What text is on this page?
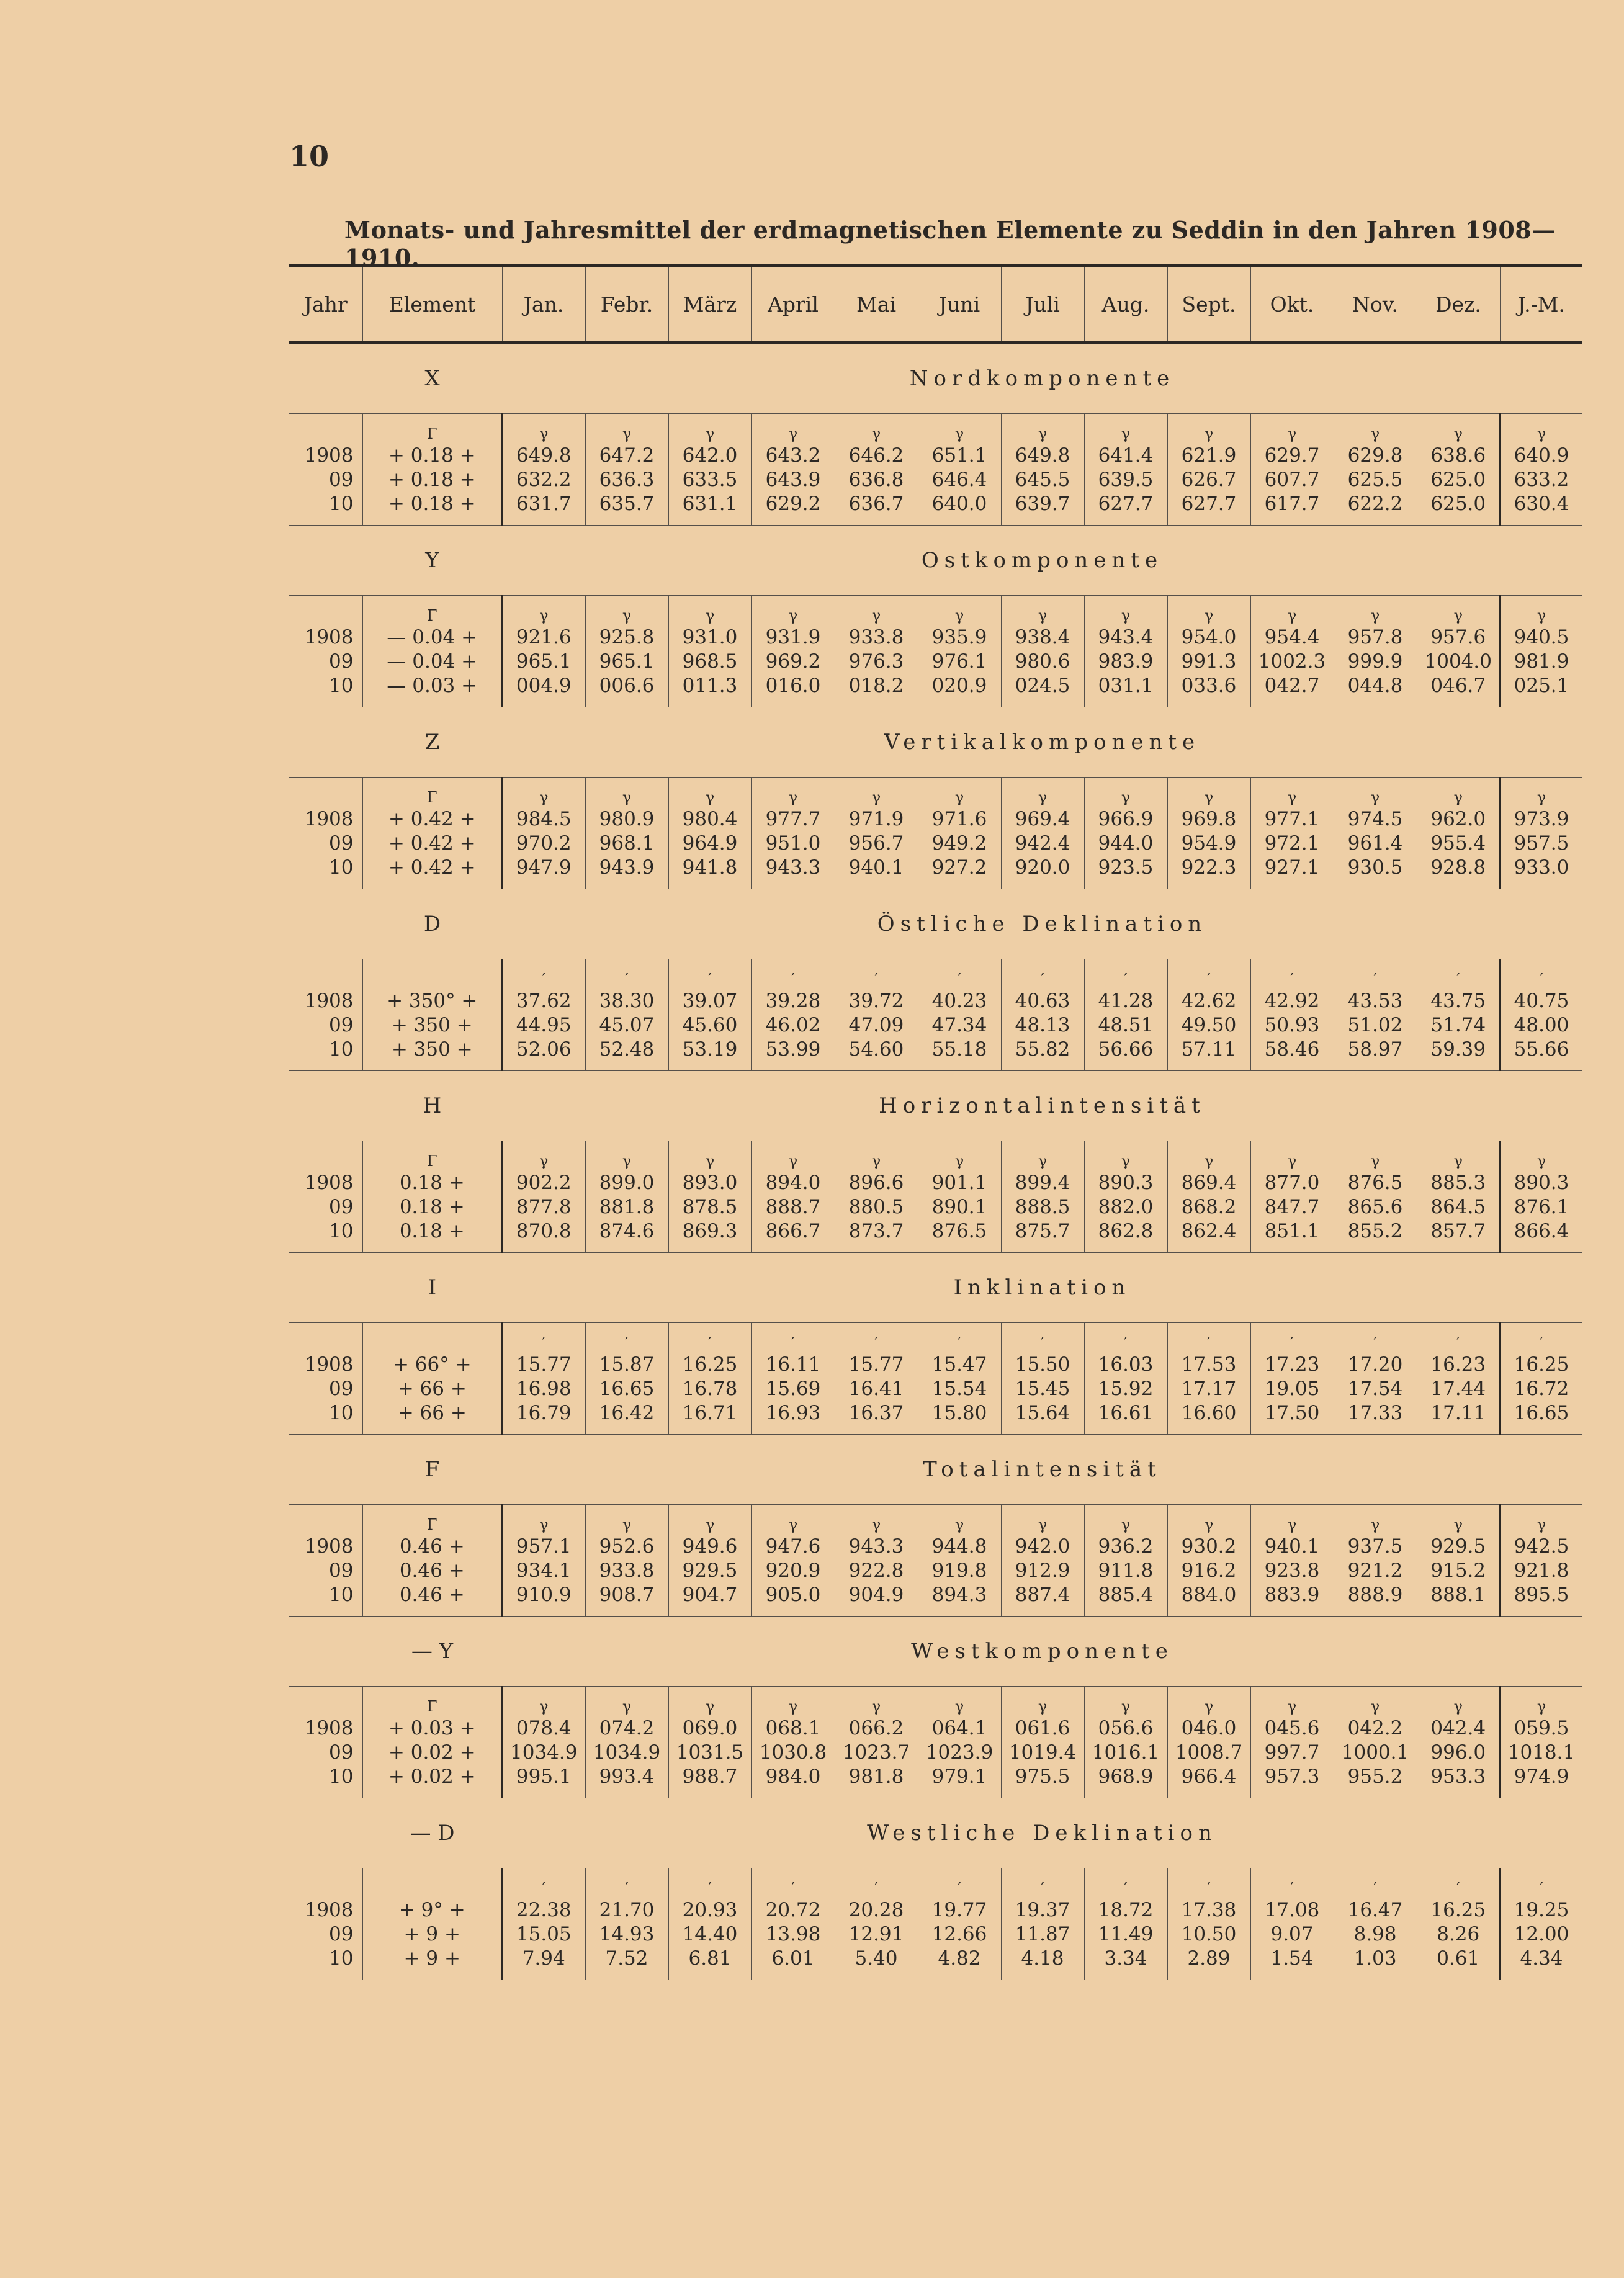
10
Monats- und Jahresmittel der erdmagnetischen Elemente zu Seddin in den Jahren 1908—1910.
Jahr	Element	Jan.	Febr.	März	April	Mai	Juni	Juli	Aug.	Sept.	Okt.	Nov.	Dez.	J.-M.
	X	Nordkomponente												
	Γ	γ	γ	γ	γ	γ	γ	γ	γ	γ	γ	γ	γ	γ
1908	+ 0.18 +	649.8	647.2	642.0	643.2	646.2	651.1	649.8	641.4	621.9	629.7	629.8	638.6	640.9
09	+ 0.18 +	632.2	636.3	633.5	643.9	636.8	646.4	645.5	639.5	626.7	607.7	625.5	625.0	633.2
10	+ 0.18 +	631.7	635.7	631.1	629.2	636.7	640.0	639.7	627.7	627.7	617.7	622.2	625.0	630.4
	Y	Ostkomponente												
	Γ	γ	γ	γ	γ	γ	γ	γ	γ	γ	γ	γ	γ	γ
1908	— 0.04 +	921.6	925.8	931.0	931.9	933.8	935.9	938.4	943.4	954.0	954.4	957.8	957.6	940.5
09	— 0.04 +	965.1	965.1	968.5	969.2	976.3	976.1	980.6	983.9	991.3	1002.3	999.9	1004.0	981.9
10	— 0.03 +	004.9	006.6	011.3	016.0	018.2	020.9	024.5	031.1	033.6	042.7	044.8	046.7	025.1
	Z	Vertikalkomponente												
	Γ	γ	γ	γ	γ	γ	γ	γ	γ	γ	γ	γ	γ	γ
1908	+ 0.42 +	984.5	980.9	980.4	977.7	971.9	971.6	969.4	966.9	969.8	977.1	974.5	962.0	973.9
09	+ 0.42 +	970.2	968.1	964.9	951.0	956.7	949.2	942.4	944.0	954.9	972.1	961.4	955.4	957.5
10	+ 0.42 +	947.9	943.9	941.8	943.3	940.1	927.2	920.0	923.5	922.3	927.1	930.5	928.8	933.0
	D	Östliche Deklination												
		′	′	′	′	′	′	′	′	′	′	′	′	′
1908	+ 350° +	37.62	38.30	39.07	39.28	39.72	40.23	40.63	41.28	42.62	42.92	43.53	43.75	40.75
09	+ 350 +	44.95	45.07	45.60	46.02	47.09	47.34	48.13	48.51	49.50	50.93	51.02	51.74	48.00
10	+ 350 +	52.06	52.48	53.19	53.99	54.60	55.18	55.82	56.66	57.11	58.46	58.97	59.39	55.66
	H	Horizontalintensität												
	Γ	γ	γ	γ	γ	γ	γ	γ	γ	γ	γ	γ	γ	γ
1908	0.18 +	902.2	899.0	893.0	894.0	896.6	901.1	899.4	890.3	869.4	877.0	876.5	885.3	890.3
09	0.18 +	877.8	881.8	878.5	888.7	880.5	890.1	888.5	882.0	868.2	847.7	865.6	864.5	876.1
10	0.18 +	870.8	874.6	869.3	866.7	873.7	876.5	875.7	862.8	862.4	851.1	855.2	857.7	866.4
	I	Inklination												
		′	′	′	′	′	′	′	′	′	′	′	′	′
1908	+ 66° +	15.77	15.87	16.25	16.11	15.77	15.47	15.50	16.03	17.53	17.23	17.20	16.23	16.25
09	+ 66 +	16.98	16.65	16.78	15.69	16.41	15.54	15.45	15.92	17.17	19.05	17.54	17.44	16.72
10	+ 66 +	16.79	16.42	16.71	16.93	16.37	15.80	15.64	16.61	16.60	17.50	17.33	17.11	16.65
	F	Totalintensität												
	Γ	γ	γ	γ	γ	γ	γ	γ	γ	γ	γ	γ	γ	γ
1908	0.46 +	957.1	952.6	949.6	947.6	943.3	944.8	942.0	936.2	930.2	940.1	937.5	929.5	942.5
09	0.46 +	934.1	933.8	929.5	920.9	922.8	919.8	912.9	911.8	916.2	923.8	921.2	915.2	921.8
10	0.46 +	910.9	908.7	904.7	905.0	904.9	894.3	887.4	885.4	884.0	883.9	888.9	888.1	895.5
	— Y	Westkomponente												
	Γ	γ	γ	γ	γ	γ	γ	γ	γ	γ	γ	γ	γ	γ
1908	+ 0.03 +	078.4	074.2	069.0	068.1	066.2	064.1	061.6	056.6	046.0	045.6	042.2	042.4	059.5
09	+ 0.02 +	1034.9	1034.9	1031.5	1030.8	1023.7	1023.9	1019.4	1016.1	1008.7	997.7	1000.1	996.0	1018.1
10	+ 0.02 +	995.1	993.4	988.7	984.0	981.8	979.1	975.5	968.9	966.4	957.3	955.2	953.3	974.9
	— D	Westliche Deklination												
		′	′	′	′	′	′	′	′	′	′	′	′	′
1908	+ 9° +	22.38	21.70	20.93	20.72	20.28	19.77	19.37	18.72	17.38	17.08	16.47	16.25	19.25
09	+ 9 +	15.05	14.93	14.40	13.98	12.91	12.66	11.87	11.49	10.50	9.07	8.98	8.26	12.00
10	+ 9 +	7.94	7.52	6.81	6.01	5.40	4.82	4.18	3.34	2.89	1.54	1.03	0.61	4.34
